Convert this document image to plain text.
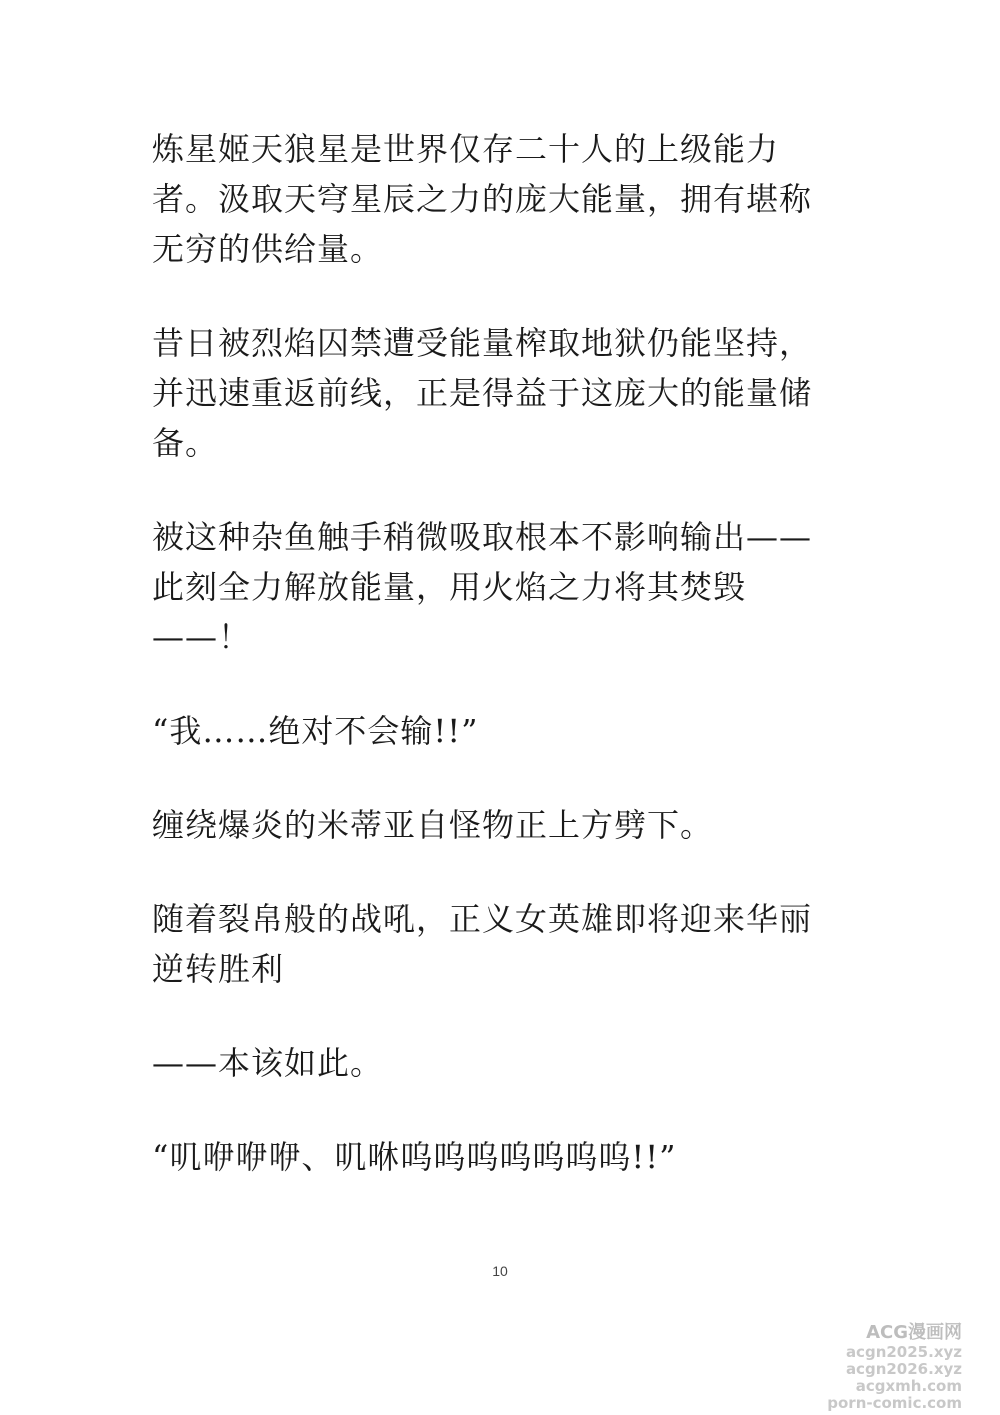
炼星姬天狼星是世界仅存二十人的上级能力者。汲取天穹星辰之力的庞大能量，拥有堪称无穷的供给量。

昔日被烈焰囚禁遭受能量榨取地狱仍能坚持，并迅速重返前线，正是得益于这庞大的能量储备。

被这种杂鱼触手稍微吸取根本不影响输出——此刻全力解放能量，用火焰之力将其焚毁——！

“我……绝对不会输!!”

缠绕爆炎的米蒂亚自怪物正上方劈下。

随着裂帛般的战吼，正义女英雄即将迎来华丽逆转胜利

——本该如此。

“叽咿咿咿、叽咻呜呜呜呜呜呜呜!!”

10
ACG漫画网
acgn2025.xyz
acgn2026.xyz
acgxmh.com
porn-comic.com
